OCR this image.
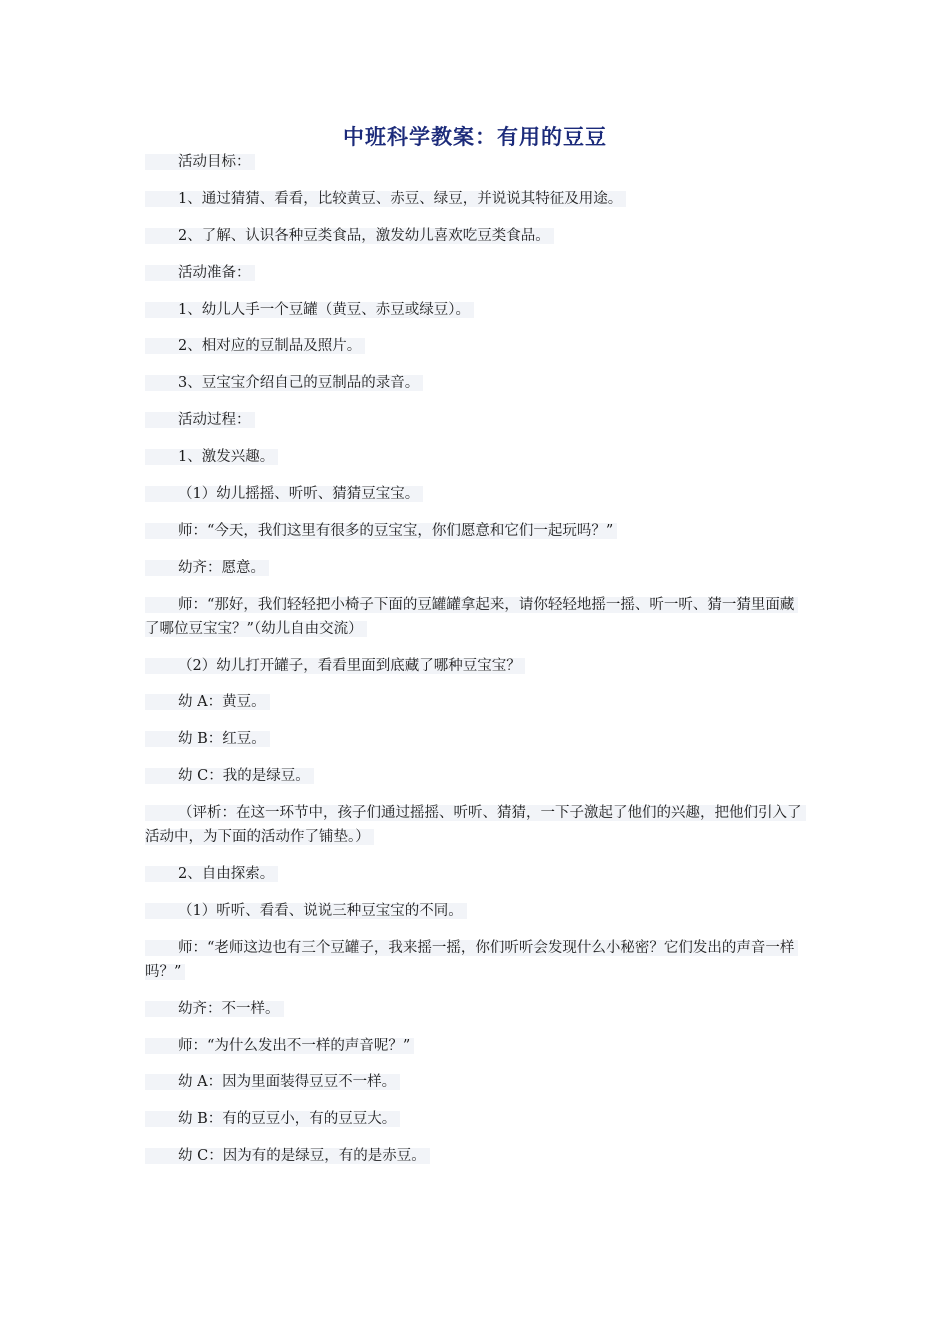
中班科学教案：有用的豆豆

活动目标：

1、通过猜猜、看看，比较黄豆、赤豆、绿豆，并说说其特征及用途。

2、了解、认识各种豆类食品，激发幼儿喜欢吃豆类食品。

活动准备：

1、幼儿人手一个豆罐（黄豆、赤豆或绿豆）。

2、相对应的豆制品及照片。

3、豆宝宝介绍自己的豆制品的录音。

活动过程：

1、激发兴趣。

（1）幼儿摇摇、听听、猜猜豆宝宝。

师：“今天，我们这里有很多的豆宝宝，你们愿意和它们一起玩吗？”

幼齐：愿意。

师：“那好，我们轻轻把小椅子下面的豆罐罐拿起来，请你轻轻地摇一摇、听一听、猜一猜里面藏了哪位豆宝宝？”（幼儿自由交流）

（2）幼儿打开罐子，看看里面到底藏了哪种豆宝宝？

幼 A：黄豆。

幼 B：红豆。

幼 C：我的是绿豆。

（评析：在这一环节中，孩子们通过摇摇、听听、猜猜，一下子激起了他们的兴趣，把他们引入了活动中，为下面的活动作了铺垫。）

2、自由探索。

（1）听听、看看、说说三种豆宝宝的不同。

师：“老师这边也有三个豆罐子，我来摇一摇，你们听听会发现什么小秘密？它们发出的声音一样吗？”

幼齐：不一样。

师：“为什么发出不一样的声音呢？”

幼 A：因为里面装得豆豆不一样。

幼 B：有的豆豆小，有的豆豆大。

幼 C：因为有的是绿豆，有的是赤豆。
